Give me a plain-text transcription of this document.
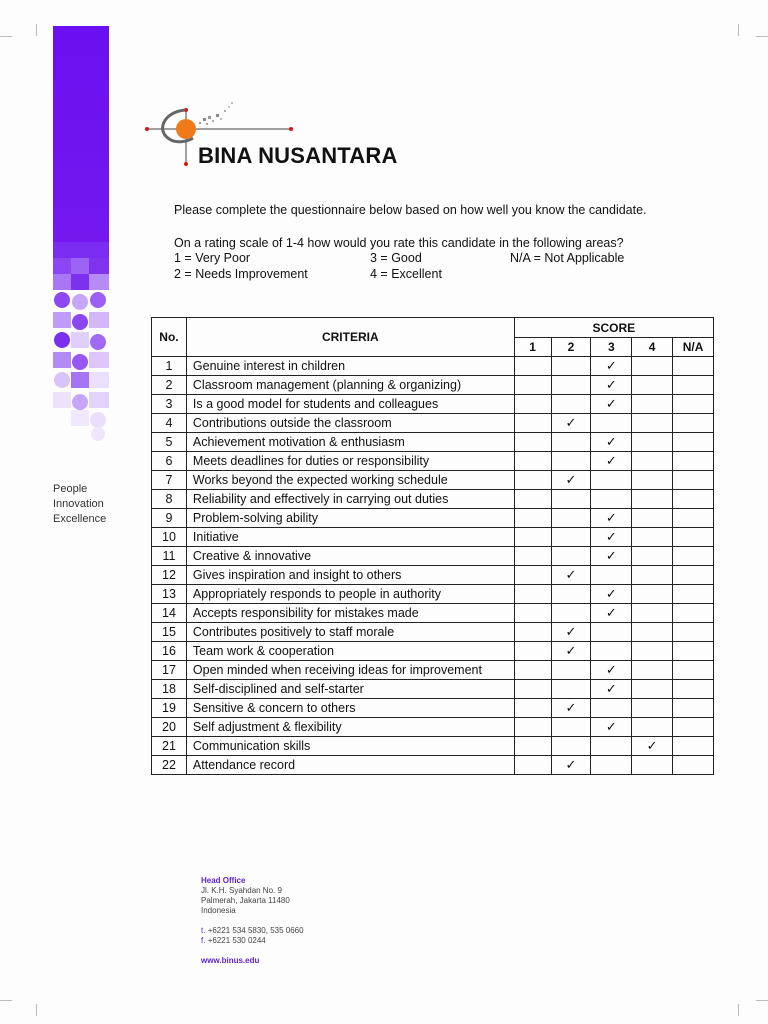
People
Innovation
Excellence
BINA NUSANTARA

Please complete the questionnaire below based on how well you know the candidate.

On a rating scale of 1-4 how would you rate this candidate in the following areas?

1 = Very Poor
2 = Needs Improvement
3 = Good
4 = Excellent
N/A = Not Applicable
No.	CRITERIA	SCORE				
		1	2	3	4	N/A
1	Genuine interest in children			✓		
2	Classroom management (planning & organizing)			✓		
3	Is a good model for students and colleagues			✓		
4	Contributions outside the classroom		✓			
5	Achievement motivation & enthusiasm			✓		
6	Meets deadlines for duties or responsibility			✓		
7	Works beyond the expected working schedule		✓			
8	Reliability and effectively in carrying out duties					
9	Problem-solving ability			✓		
10	Initiative			✓		
11	Creative & innovative			✓		
12	Gives inspiration and insight to others		✓			
13	Appropriately responds to people in authority			✓		
14	Accepts responsibility for mistakes made			✓		
15	Contributes positively to staff morale		✓			
16	Team work & cooperation		✓			
17	Open minded when receiving ideas for improvement			✓		
18	Self-disciplined and self-starter			✓		
19	Sensitive & concern to others		✓			
20	Self adjustment & flexibility			✓		
21	Communication skills				✓	
22	Attendance record		✓			
Head Office
Jl. K.H. Syahdan No. 9
Palmerah, Jakarta 11480
Indonesia
t. +6221 534 5830, 535 0660
f. +6221 530 0244
www.binus.edu
